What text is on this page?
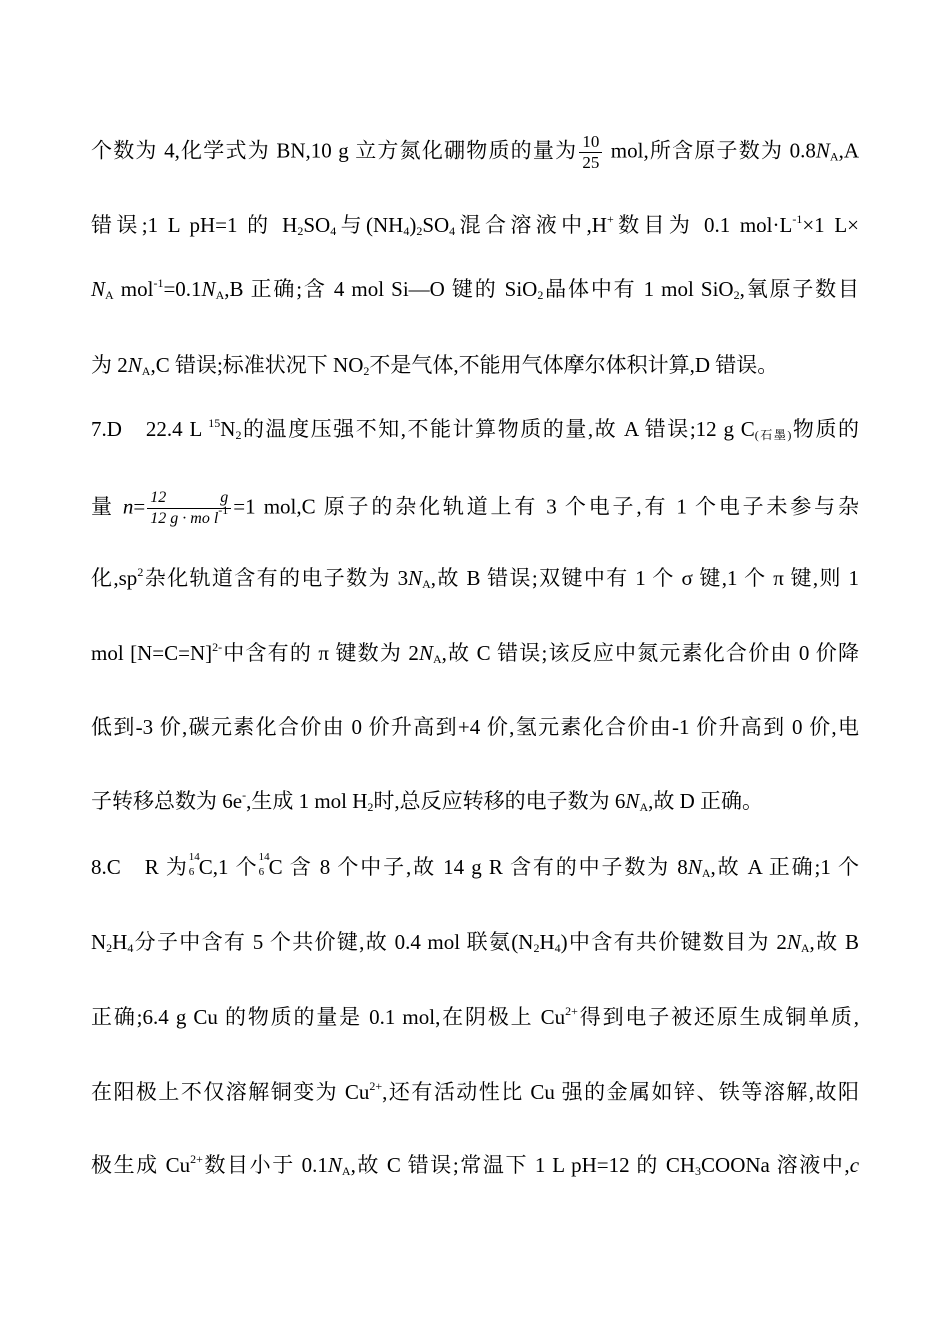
个数为 4,化学式为 BN,10 g 立方氮化硼物质的量为 $\frac{10}{25}$ mol,所含原子数为 $0.8N_A,A$
错误;1 L pH=1 的 $H_2SO_4$与$(NH_4)_2SO_4$混合溶液中,H+数目为 0.1 $mol\cdot L^{-1}\times 1$ L×
$N_A$ $mol^{-1}=0.1N_A,B$ 正确;含 4 mol Si—O 键的 SiO$_2$晶体中有 1 mol SiO$_2$,氧原子数目
为 $2N_A,C$ 错误;标准状况下 $NO_2$不是气体,不能用气体摩尔体积计算,D 错误。
7.D 22.4 L $^{15}N_2$的温度压强不知,不能计算物质的量,故 A 错误;12 g $C_{(石墨)}$物质的
量 $n= \frac{12 g}{12 g \cdot mo l^{-1}} =1$ mol,C 原子的杂化轨道上有 3 个电子,有 1 个电子未参与杂
化$,sp^2$杂化轨道含有的电子数为 $3N_A$,故 B 错误;双键中有 1 个 σ 键,1 个 π 键,则 1
mol [N=C=N]$^{2-}$中含有的 π 键数为 $2N_A$,故 C 错误;该反应中氮元素化合价由 0 价降
低到-3 价,碳元素化合价由 0 价升高到+4 价,氢元素化合价由-1 价升高到 0 价,电
子转移总数为 6e-,生成 1 mol $H_2$时,总反应转移的电子数为 $6N_A$,故 D 正确。
8.C R 为 14
6 C,1 个 14
6 C 含 8 个中子,故 14 g R 含有的中子数为 $8N_A$,故 A 正确;1 个
$N_2H_4$分子中含有 5 个共价键,故 0.4 mol 联氨$(N_2H_4)$中含有共价键数目为 $2N_A$,故 B
正确;6.4 g Cu 的物质的量是 0.1 mol,在阴极上 $Cu^{2+}$得到电子被还原生成铜单质,
在阳极上不仅溶解铜变为 $Cu^{2+}$,还有活动性比 Cu 强的金属如锌、铁等溶解,故阳
极生成 $Cu^{2+}$数目小于 $0.1N_A$,故 C 错误;常温下 1 L pH=12 的 $CH_3COONa$ 溶液中,c
